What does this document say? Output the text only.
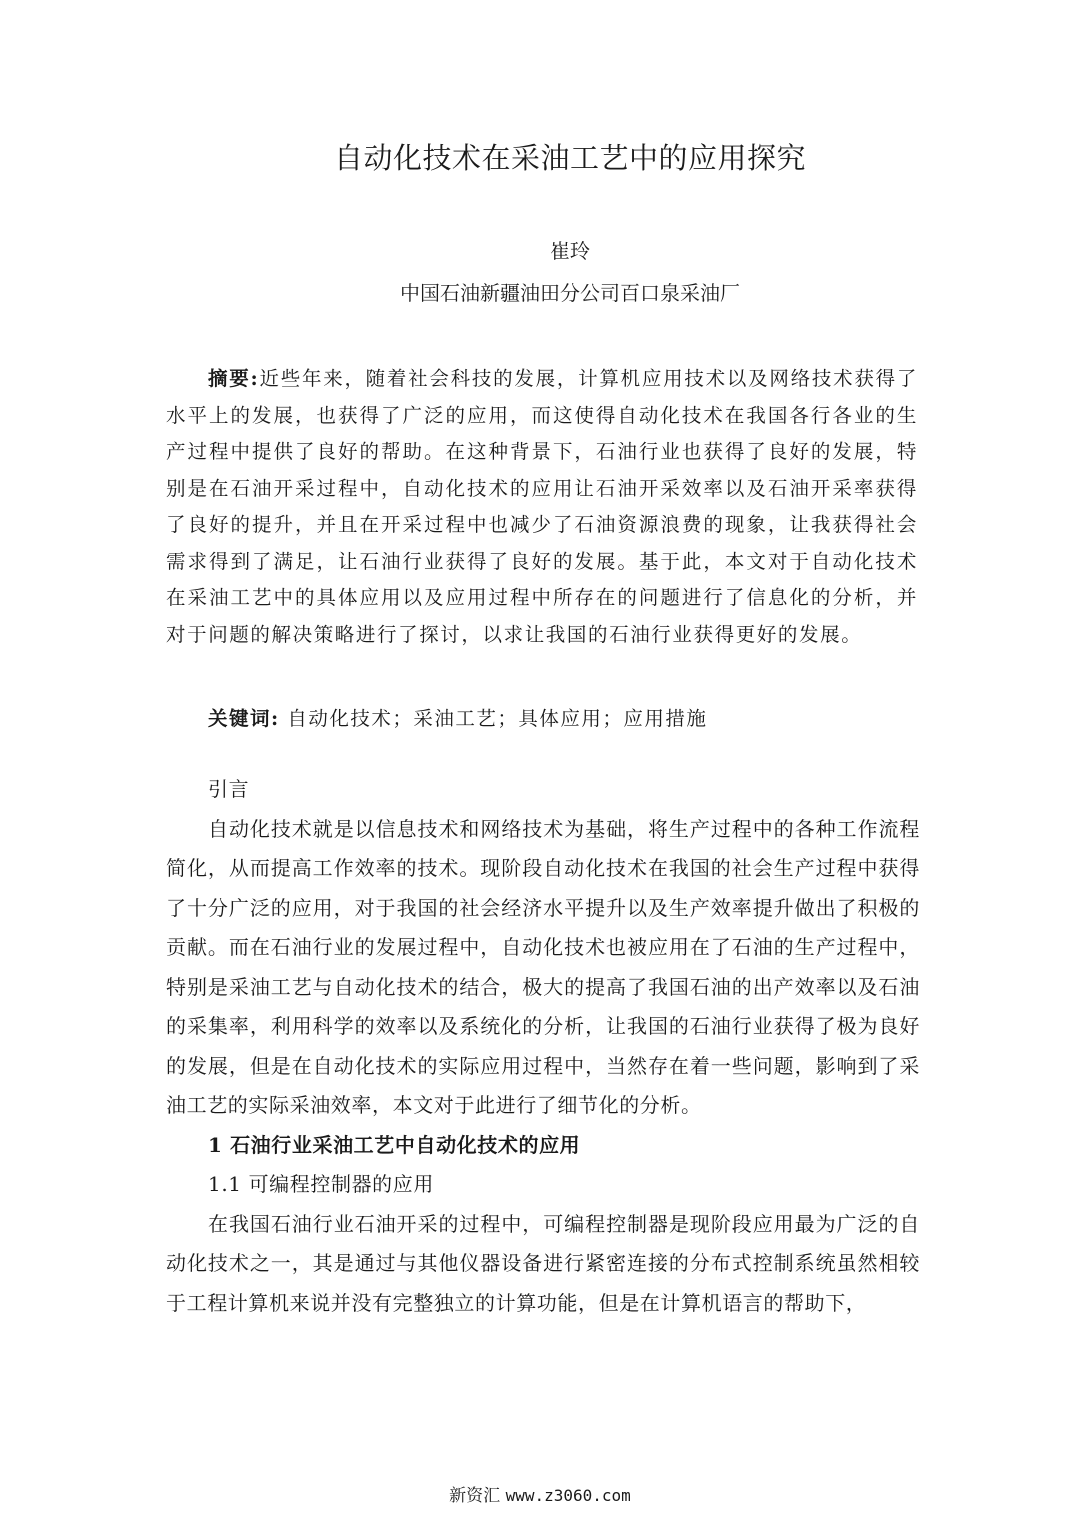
自动化技术在采油工艺中的应用探究
崔玲
中国石油新疆油田分公司百口泉采油厂

摘要:近些年来，随着社会科技的发展，计算机应用技术以及网络技术获得了水平上的发展，也获得了广泛的应用，而这使得自动化技术在我国各行各业的生产过程中提供了良好的帮助。在这种背景下，石油行业也获得了良好的发展，特别是在石油开采过程中，自动化技术的应用让石油开采效率以及石油开采率获得了良好的提升，并且在开采过程中也减少了石油资源浪费的现象，让我获得社会需求得到了满足，让石油行业获得了良好的发展。基于此，本文对于自动化技术在采油工艺中的具体应用以及应用过程中所存在的问题进行了信息化的分析，并对于问题的解决策略进行了探讨，以求让我国的石油行业获得更好的发展。

关键词: 自动化技术；采油工艺；具体应用；应用措施

引言

自动化技术就是以信息技术和网络技术为基础，将生产过程中的各种工作流程简化，从而提高工作效率的技术。现阶段自动化技术在我国的社会生产过程中获得了十分广泛的应用，对于我国的社会经济水平提升以及生产效率提升做出了积极的贡献。而在石油行业的发展过程中，自动化技术也被应用在了石油的生产过程中，特别是采油工艺与自动化技术的结合，极大的提高了我国石油的出产效率以及石油的采集率，利用科学的效率以及系统化的分析，让我国的石油行业获得了极为良好的发展，但是在自动化技术的实际应用过程中，当然存在着一些问题，影响到了采油工艺的实际采油效率，本文对于此进行了细节化的分析。

1 石油行业采油工艺中自动化技术的应用

1.1 可编程控制器的应用

在我国石油行业石油开采的过程中，可编程控制器是现阶段应用最为广泛的自动化技术之一，其是通过与其他仪器设备进行紧密连接的分布式控制系统虽然相较于工程计算机来说并没有完整独立的计算功能，但是在计算机语言的帮助下，

新资汇 www.z3060.com
